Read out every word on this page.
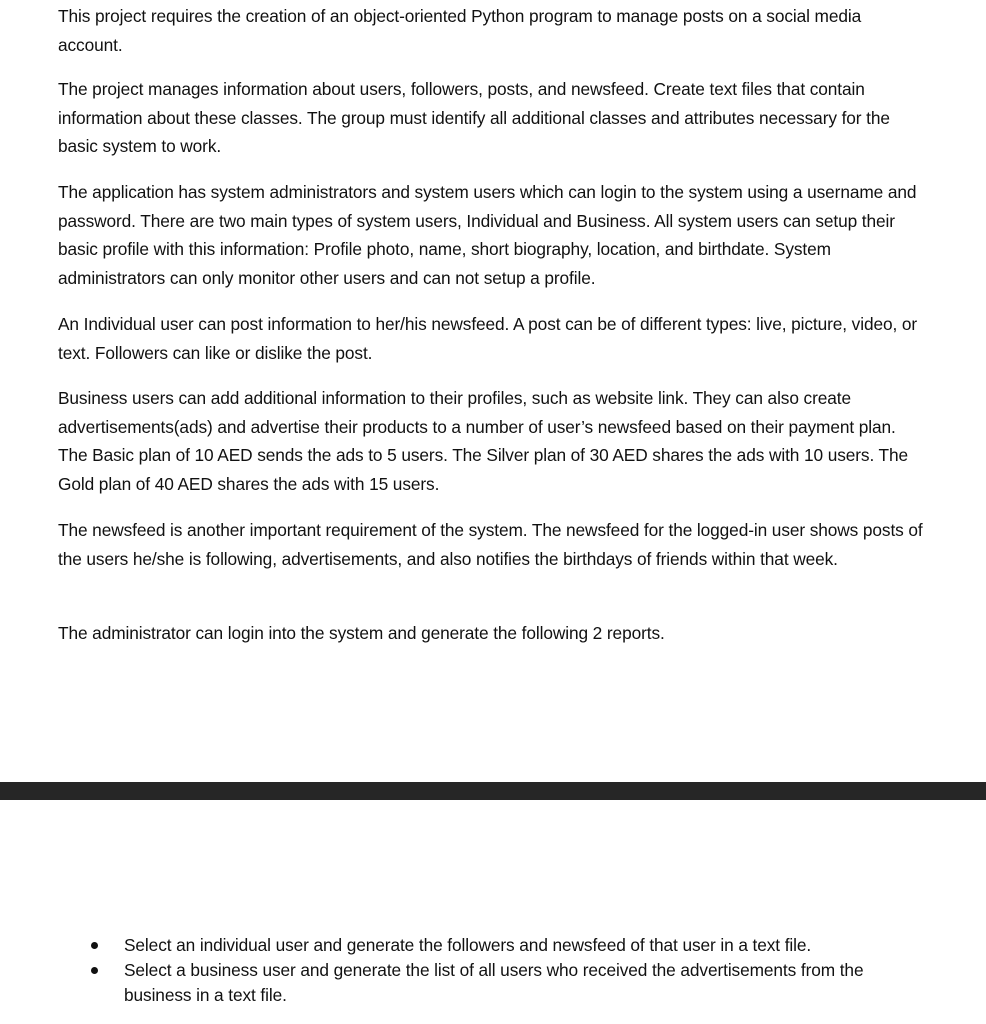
This project requires the creation of an object-oriented Python program to manage posts on a social media account.

The project manages information about users, followers, posts, and newsfeed. Create text files that contain information about these classes. The group must identify all additional classes and attributes necessary for the basic system to work.

The application has system administrators and system users which can login to the system using a username and password. There are two main types of system users, Individual and Business. All system users can setup their basic profile with this information: Profile photo, name, short biography, location, and birthdate. System administrators can only monitor other users and can not setup a profile.

An Individual user can post information to her/his newsfeed. A post can be of different types: live, picture, video, or text. Followers can like or dislike the post.

Business users can add additional information to their profiles, such as website link. They can also create advertisements(ads) and advertise their products to a number of user’s newsfeed based on their payment plan. The Basic plan of 10 AED sends the ads to 5 users. The Silver plan of 30 AED shares the ads with 10 users. The Gold plan of 40 AED shares the ads with 15 users.

The newsfeed is another important requirement of the system. The newsfeed for the logged-in user shows posts of the users he/she is following, advertisements, and also notifies the birthdays of friends within that week.

The administrator can login into the system and generate the following 2 reports.

Select an individual user and generate the followers and newsfeed of that user in a text file.
Select a business user and generate the list of all users who received the advertisements from the business in a text file.
